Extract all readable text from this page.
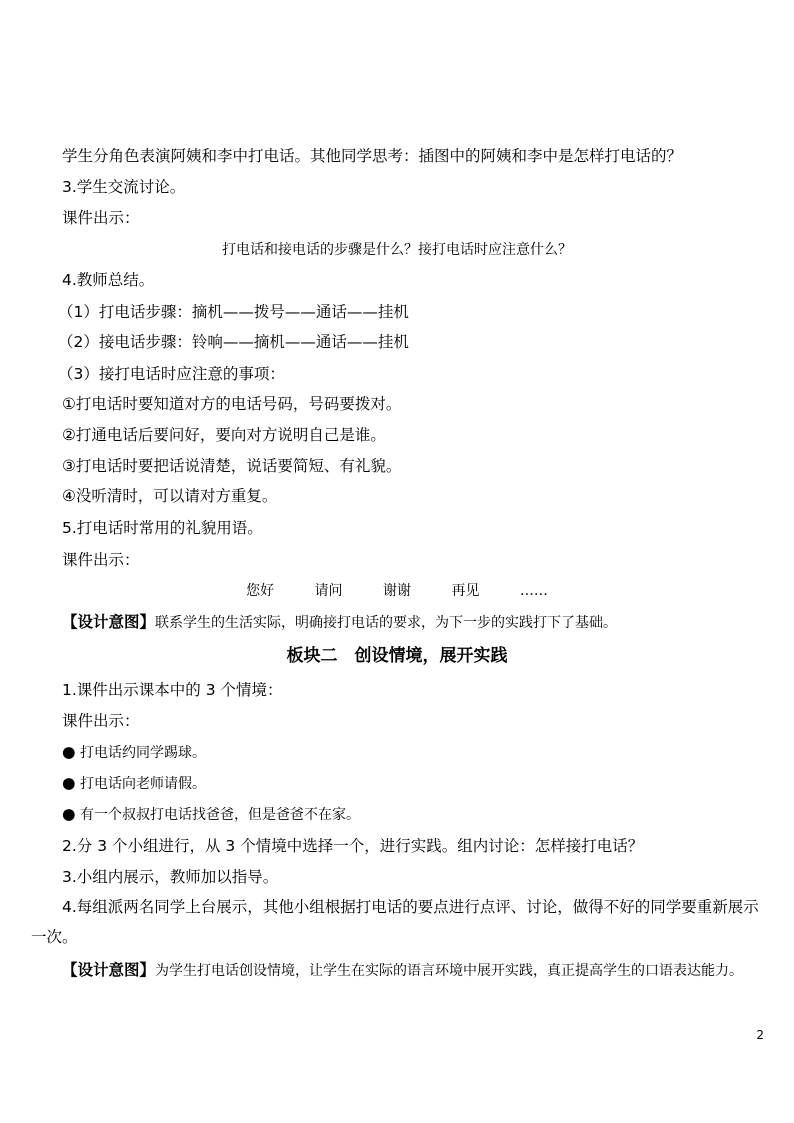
学生分角色表演阿姨和李中打电话。其他同学思考：插图中的阿姨和李中是怎样打电话的？
3.学生交流讨论。
课件出示：
打电话和接电话的步骤是什么？接打电话时应注意什么？
4.教师总结。
（1）打电话步骤：摘机——拨号——通话——挂机
（2）接电话步骤：铃响——摘机——通话——挂机
（3）接打电话时应注意的事项：
①打电话时要知道对方的电话号码，号码要拨对。
②打通电话后要问好，要向对方说明自己是谁。
③打电话时要把话说清楚，说话要简短、有礼貌。
④没听清时，可以请对方重复。
5.打电话时常用的礼貌用语。
课件出示：
您好	请问	谢谢	再见	……
【设计意图】联系学生的生活实际，明确接打电话的要求，为下一步的实践打下了基础。
板块二　创设情境，展开实践
1.课件出示课本中的 3 个情境：
课件出示：
● 打电话约同学踢球。
● 打电话向老师请假。
● 有一个叔叔打电话找爸爸，但是爸爸不在家。
2.分 3 个小组进行，从 3 个情境中选择一个，进行实践。组内讨论：怎样接打电话？
3.小组内展示，教师加以指导。
4.每组派两名同学上台展示，其他小组根据打电话的要点进行点评、讨论，做得不好的同学要重新展示一次。
【设计意图】为学生打电话创设情境，让学生在实际的语言环境中展开实践，真正提高学生的口语表达能力。
2
